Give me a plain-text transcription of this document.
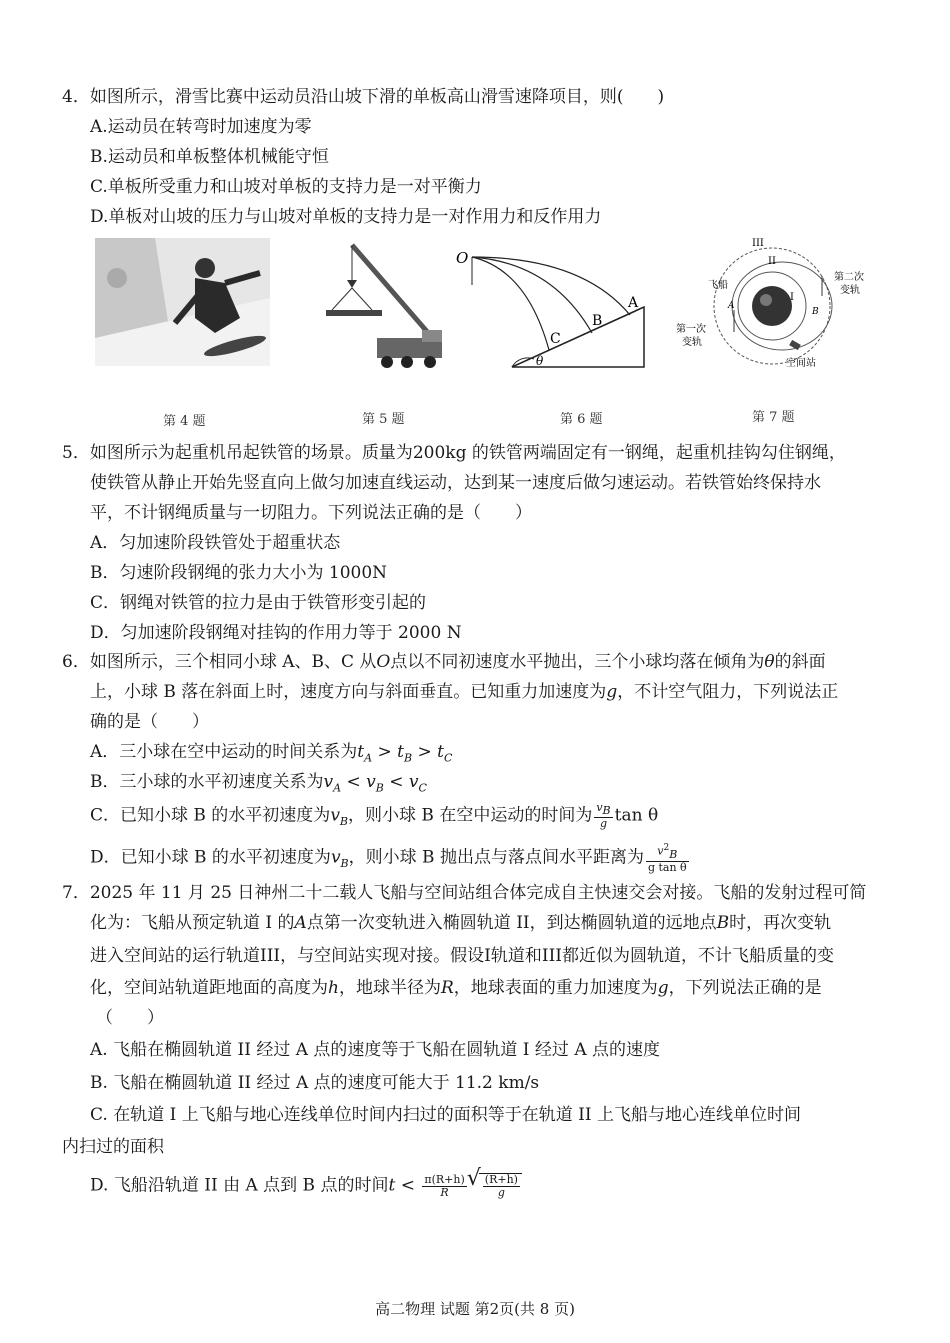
4．如图所示，滑雪比赛中运动员沿山坡下滑的单板高山滑雪速降项目，则(　　)
A.运动员在转弯时加速度为零
B.运动员和单板整体机械能守恒
C.单板所受重力和山坡对单板的支持力是一对平衡力
D.单板对山坡的压力与山坡对单板的支持力是一对作用力和反作用力
O
A
B
C
θ
III
II
I
A
B
飞船
第一次
变轨
第二次
变轨
空间站
第 4 题	第 5 题	第 6 题	第 7 题
5．如图所示为起重机吊起铁管的场景。质量为200kg 的铁管两端固定有一钢绳，起重机挂钩勾住钢绳，
使铁管从静止开始先竖直向上做匀加速直线运动，达到某一速度后做匀速运动。若铁管始终保持水
平，不计钢绳质量与一切阻力。下列说法正确的是（　　）
A．匀加速阶段铁管处于超重状态
B．匀速阶段钢绳的张力大小为 1000N
C．钢绳对铁管的拉力是由于铁管形变引起的
D．匀加速阶段钢绳对挂钩的作用力等于 2000 N
6．如图所示，三个相同小球 A、B、C 从O点以不同初速度水平抛出，三个小球均落在倾角为θ的斜面
上，小球 B 落在斜面上时，速度方向与斜面垂直。已知重力加速度为g，不计空气阻力，下列说法正
确的是（　　）
A．三小球在空中运动的时间关系为$t_A > t_B > t_C$
B．三小球的水平初速度关系为$v_A < v_B < v_C$
C．已知小球 B 的水平初速度为$v_B$，则小球 B 在空中运动的时间为 $\frac{v_B}{g}$ tan θ
D．已知小球 B 的水平初速度为$v_B$，则小球 B 抛出点与落点间水平距离为 $\frac{v^2_B}{\text{g tan θ}}$
7．2025 年 11 月 25 日神州二十二载人飞船与空间站组合体完成自主快速交会对接。飞船的发射过程可简
化为：飞船从预定轨道 I 的A点第一次变轨进入椭圆轨道 II，到达椭圆轨道的远地点B时，再次变轨
进入空间站的运行轨道III，与空间站实现对接。假设I轨道和III都近似为圆轨道，不计飞船质量的变
化，空间站轨道距地面的高度为h，地球半径为R，地球表面的重力加速度为g，下列说法正确的是
（　　）
A. 飞船在椭圆轨道 II 经过 A 点的速度等于飞船在圆轨道 I 经过 A 点的速度
B. 飞船在椭圆轨道 II 经过 A 点的速度可能大于 11.2 km/s
C. 在轨道 I 上飞船与地心连线单位时间内扫过的面积等于在轨道 II 上飞船与地心连线单位时间
内扫过的面积
D. 飞船沿轨道 II 由 A 点到 B 点的时间$t < \frac{\pi(R+h)}{R}$
√ $\frac{(R+h)}{g}$
高二物理 试题 第2页(共 8 页)
